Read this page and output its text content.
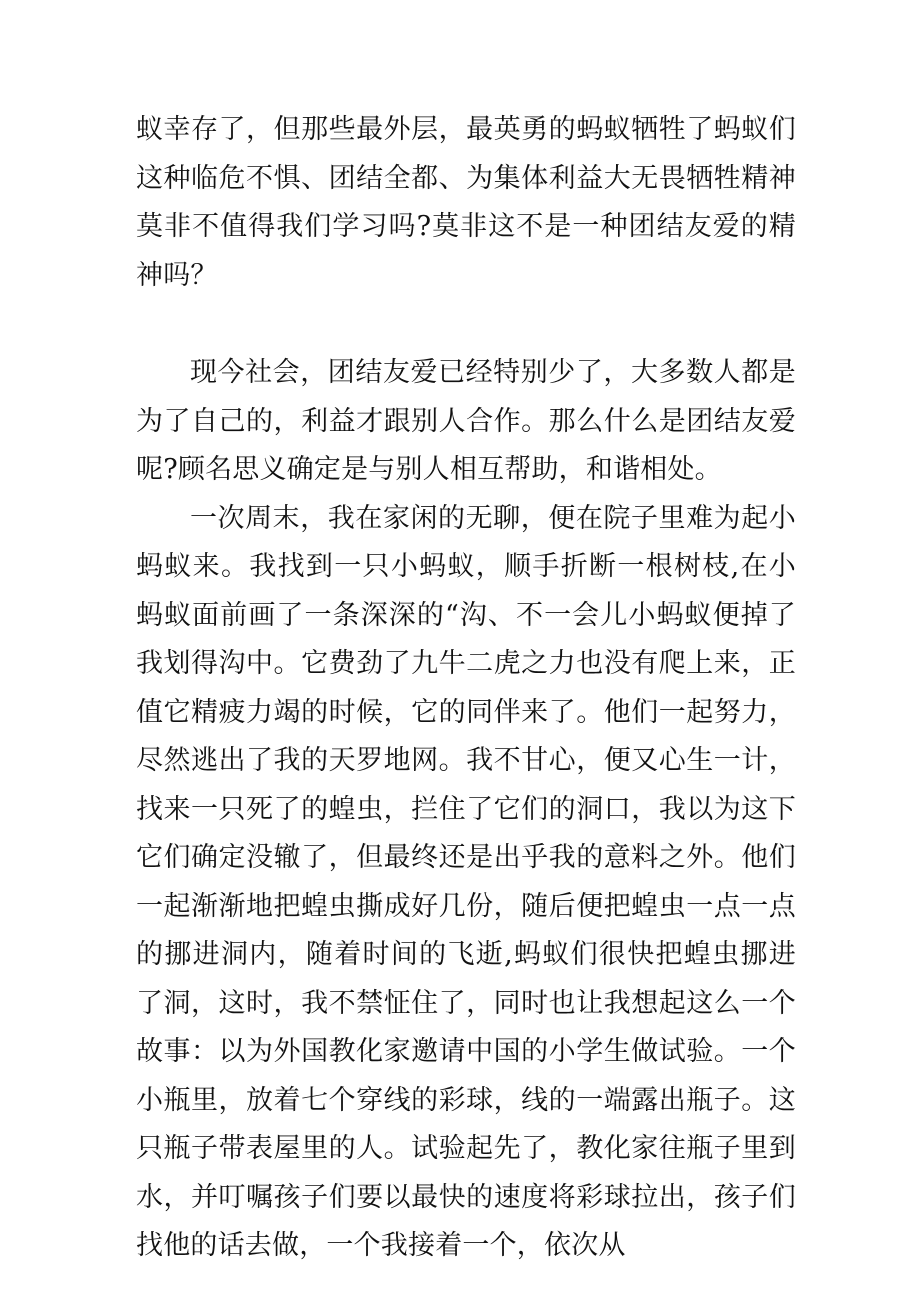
蚁幸存了，但那些最外层，最英勇的蚂蚁牺牲了蚂蚁们这种临危不惧、团结全都、为集体利益大无畏牺牲精神莫非不值得我们学习吗?莫非这不是一种团结友爱的精神吗？

现今社会，团结友爱已经特别少了，大多数人都是为了自己的，利益才跟别人合作。那么什么是团结友爱呢?顾名思义确定是与别人相互帮助，和谐相处。

一次周末，我在家闲的无聊，便在院子里难为起小蚂蚁来。我找到一只小蚂蚁，顺手折断一根树枝,在小蚂蚁面前画了一条深深的“沟、不一会儿小蚂蚁便掉了我划得沟中。它费劲了九牛二虎之力也没有爬上来，正值它精疲力竭的时候，它的同伴来了。他们一起努力，尽然逃出了我的天罗地网。我不甘心，便又心生一计，找来一只死了的蝗虫，拦住了它们的洞口，我以为这下它们确定没辙了，但最终还是出乎我的意料之外。他们一起渐渐地把蝗虫撕成好几份，随后便把蝗虫一点一点的挪进洞内，随着时间的飞逝,蚂蚁们很快把蝗虫挪进了洞，这时，我不禁怔住了，同时也让我想起这么一个故事：以为外国教化家邀请中国的小学生做试验。一个小瓶里，放着七个穿线的彩球，线的一端露出瓶子。这只瓶子带表屋里的人。试验起先了，教化家往瓶子里到水，并叮嘱孩子们要以最快的速度将彩球拉出，孩子们找他的话去做，一个我接着一个，依次从
